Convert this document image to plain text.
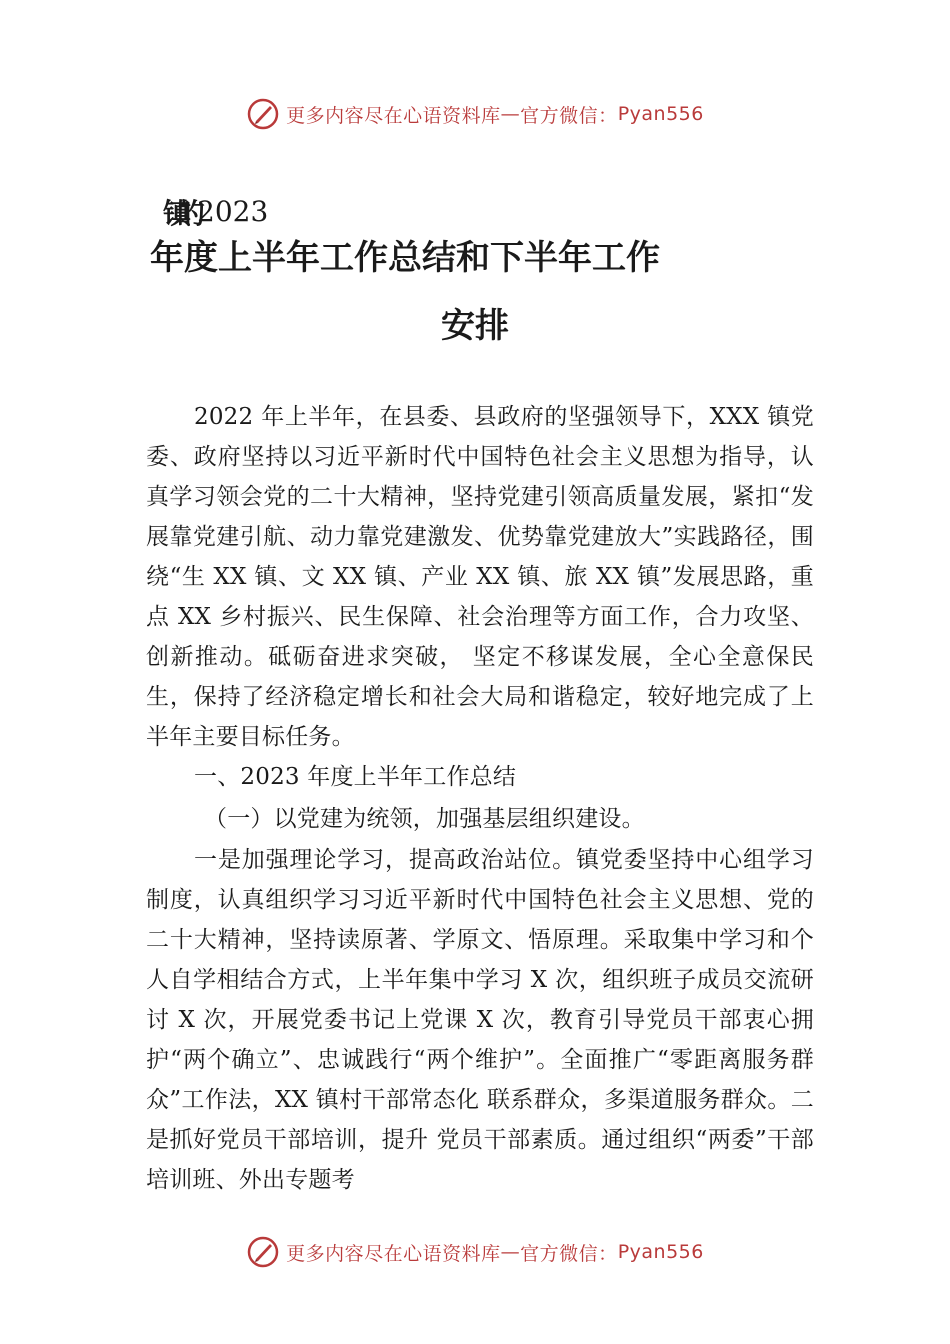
更多内容尽在心语资料库 — 官方微信： Pyan556
镇的 2023
年度上半年工作总结和下半年工作
安排
2022 年上半年，在县委、县政府的坚强领导下，XXX 镇党委、政府坚持以习近平新时代中国特色社会主义思想为指导，认真学习领会党的二十大精神，坚持党建引领高质量发展，紧扣“发展靠党建引航、动力靠党建激发、优势靠党建放大”实践路径，围绕“生 XX 镇、文 XX 镇、产业 XX 镇、旅 XX 镇”发展思路，重点 XX 乡村振兴、民生保障、社会治理等方面工作，合力攻坚、创新推动。砥砺奋进求突破， 坚定不移谋发展，全心全意保民生，保持了经济稳定增长和社会大局和谐稳定，较好地完成了上半年主要目标任务。
一、2023 年度上半年工作总结
（一）以党建为统领，加强基层组织建设。
一是加强理论学习，提高政治站位。镇党委坚持中心组学习制度，认真组织学习习近平新时代中国特色社会主义思想、党的二十大精神，坚持读原著、学原文、悟原理。采取集中学习和个人自学相结合方式，上半年集中学习 X 次，组织班子成员交流研讨 X 次，开展党委书记上党课 X 次，教育引导党员干部衷心拥护“两个确立”、忠诚践行“两个维护”。全面推广“零距离服务群众”工作法，XX 镇村干部常态化 联系群众，多渠道服务群众。二是抓好党员干部培训，提升 党员干部素质。通过组织“两委”干部培训班、外出专题考
更多内容尽在心语资料库 — 官方微信： Pyan556
